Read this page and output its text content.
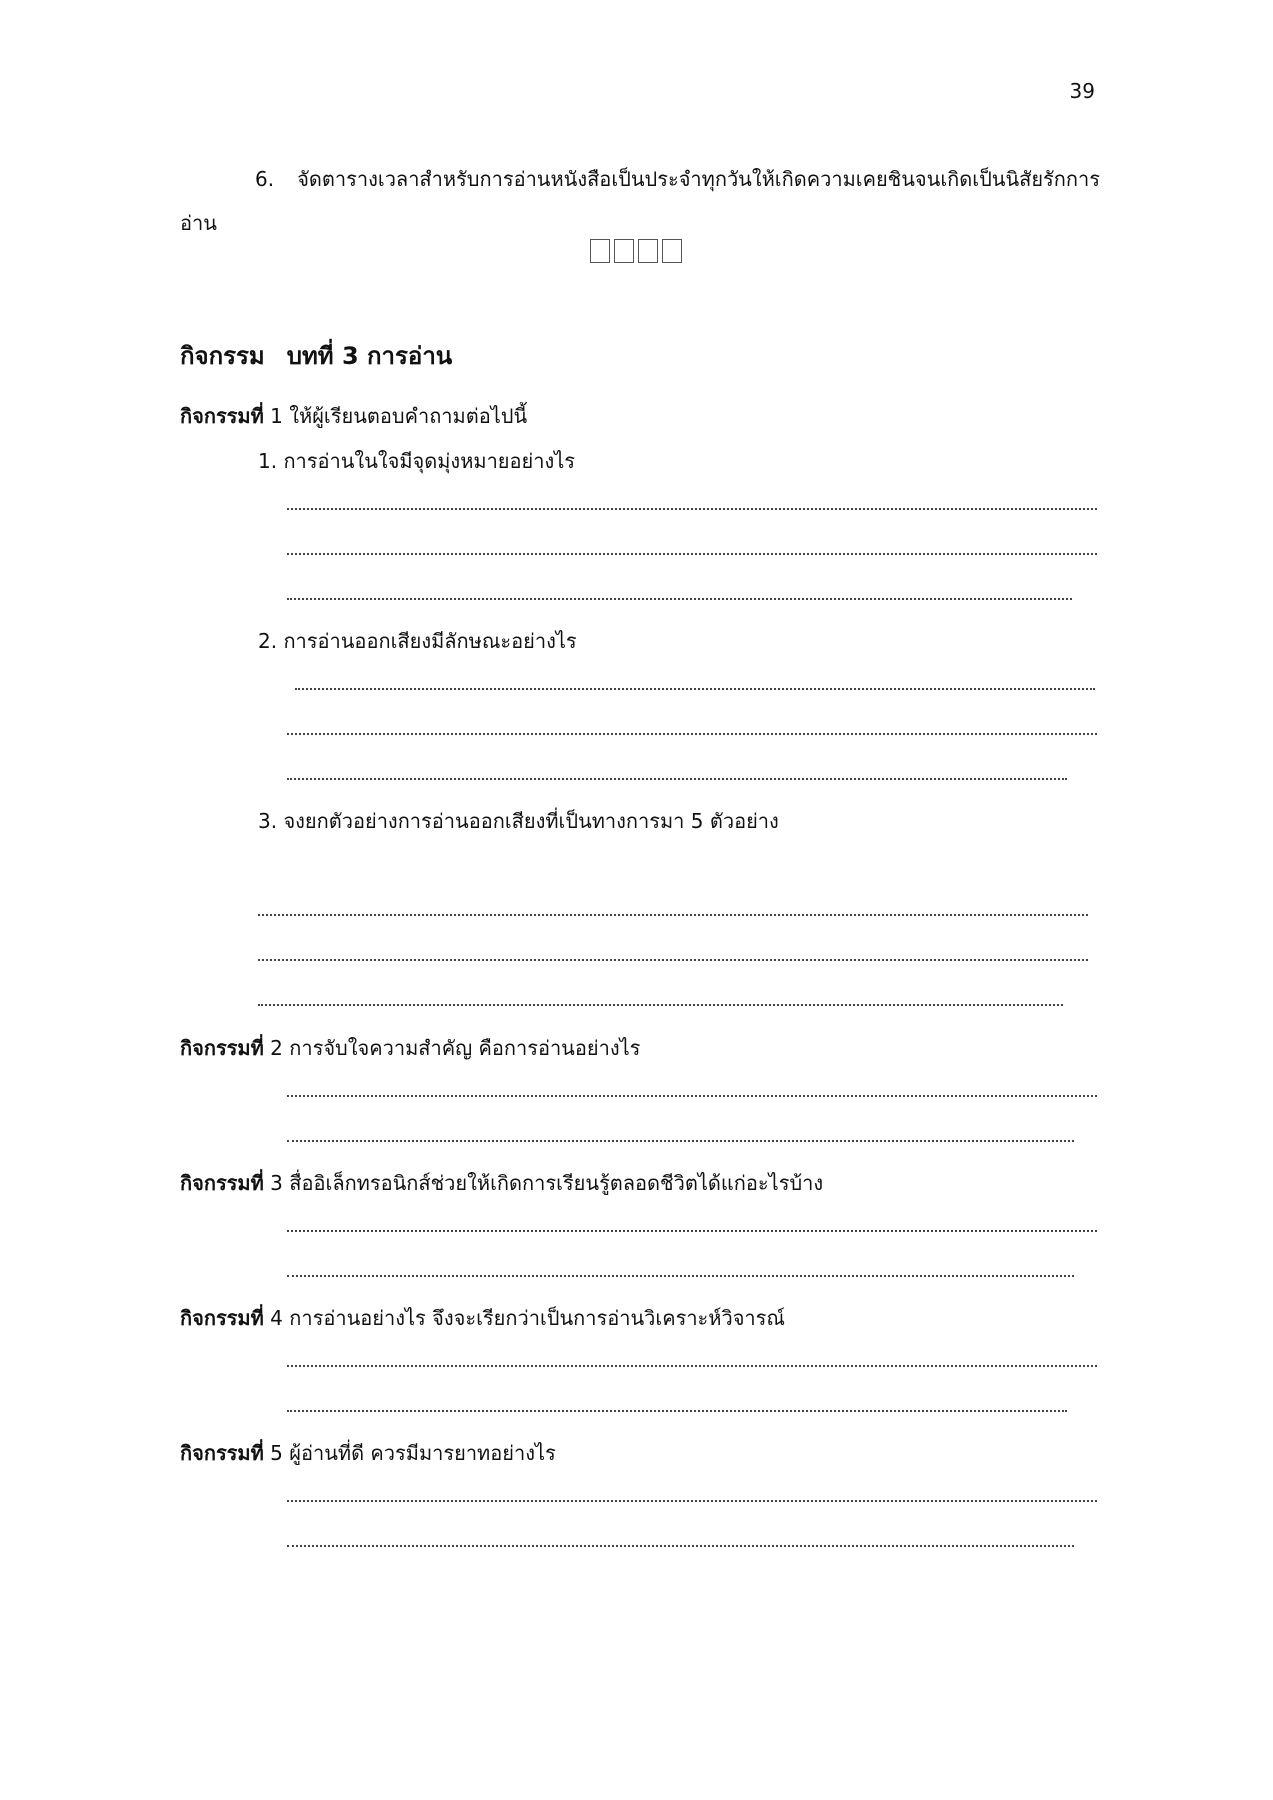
39
6. จัดตารางเวลาสำหรับการอ่านหนังสือเป็นประจำทุกวันให้เกิดความเคยชินจนเกิดเป็นนิสัยรักการอ่าน
กิจกรรม บทที่ 3 การอ่าน
กิจกรรมที่ 1 ให้ผู้เรียนตอบคำถามต่อไปนี้
1. การอ่านในใจมีจุดมุ่งหมายอย่างไร
2. การอ่านออกเสียงมีลักษณะอย่างไร
3. จงยกตัวอย่างการอ่านออกเสียงที่เป็นทางการมา 5 ตัวอย่าง
กิจกรรมที่ 2 การจับใจความสำคัญ คือการอ่านอย่างไร
กิจกรรมที่ 3 สื่ออิเล็กทรอนิกส์ช่วยให้เกิดการเรียนรู้ตลอดชีวิตได้แก่อะไรบ้าง
กิจกรรมที่ 4 การอ่านอย่างไร จึงจะเรียกว่าเป็นการอ่านวิเคราะห์วิจารณ์
กิจกรรมที่ 5 ผู้อ่านที่ดี ควรมีมารยาทอย่างไร
